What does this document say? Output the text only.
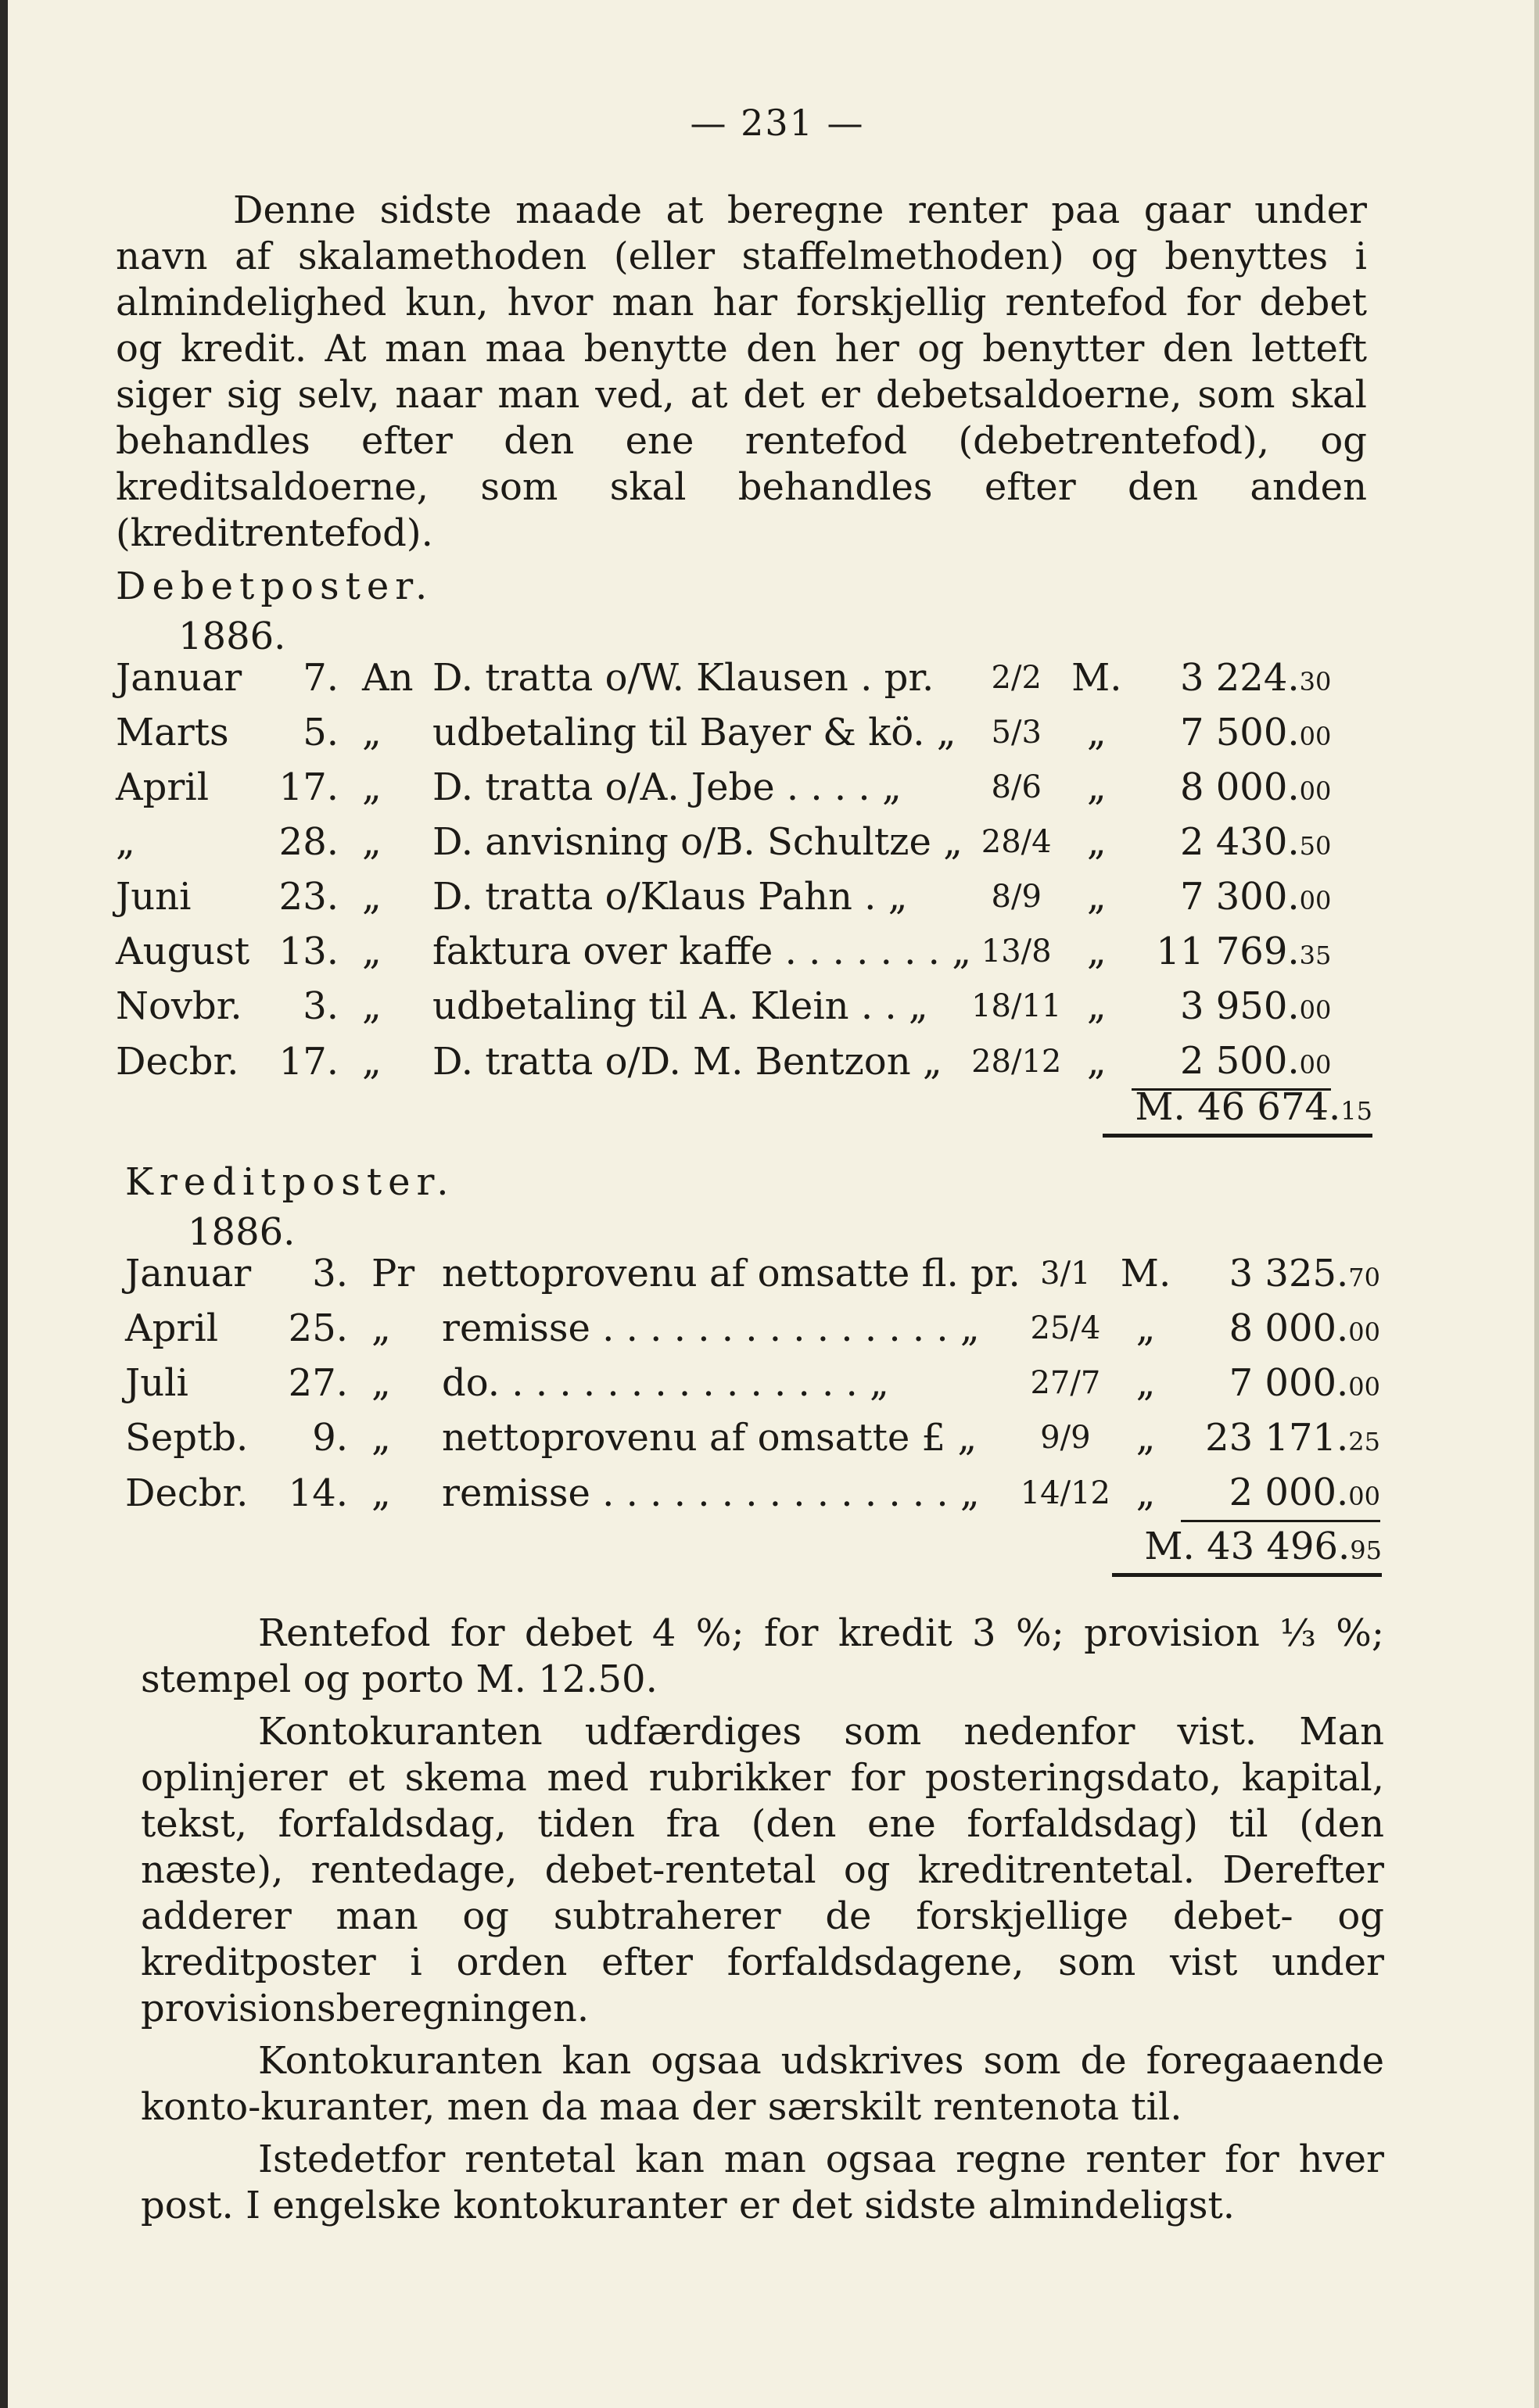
— 231 —

Denne sidste maade at beregne renter paa gaar under navn af skalamethoden (eller staffelmethoden) og benyttes i almindelighed kun, hvor man har forskjellig rentefod for debet og kredit. At man maa benytte den her og benytter den letteft siger sig selv, naar man ved, at det er debetsaldoerne, som skal behandles efter den ene rentefod (debetrentefod), og kreditsaldoerne, som skal behandles efter den anden (kreditrentefod).

Debetposter.
1886.
Januar	7.	An	D. tratta o/W. Klausen . pr.	2/2	M.	3 224.30
Marts	5.	„	udbetaling til Bayer & kö. „	5/3	„	7 500.00
April	17.	„	D. tratta o/A. Jebe . . . . „	8/6	„	8 000.00
„	28.	„	D. anvisning o/B. Schultze „	28/4	„	2 430.50
Juni	23.	„	D. tratta o/Klaus Pahn . „	8/9	„	7 300.00
August	13.	„	faktura over kaffe . . . . . . . „	13/8	„	11 769.35
Novbr.	3.	„	udbetaling til A. Klein . . „	18/11	„	3 950.00
Decbr.	17.	„	D. tratta o/D. M. Bentzon „	28/12	„	2 500.00
M. 46 674.15
Kreditposter.
1886.
Januar	3.	Pr	nettoprovenu af omsatte fl. pr.	3/1	M.	3 325.70
April	25.	„	remisse . . . . . . . . . . . . . . . „	25/4	„	8 000.00
Juli	27.	„	do. . . . . . . . . . . . . . . . „	27/7	„	7 000.00
Septb.	9.	„	nettoprovenu af omsatte £ „	9/9	„	23 171.25
Decbr.	14.	„	remisse . . . . . . . . . . . . . . . „	14/12	„	2 000.00
M. 43 496.95

Rentefod for debet 4 %; for kredit 3 %; provision ⅓ %; stempel og porto M. 12.50.

Kontokuranten udfærdiges som nedenfor vist. Man oplinjerer et skema med rubrikker for posteringsdato, kapital, tekst, forfaldsdag, tiden fra (den ene forfaldsdag) til (den næste), rentedage, debet-rentetal og kreditrentetal. Derefter adderer man og subtraherer de forskjellige debet- og kreditposter i orden efter forfaldsdagene, som vist under provisionsberegningen.

Kontokuranten kan ogsaa udskrives som de foregaaende konto-kuranter, men da maa der særskilt rentenota til.

Istedetfor rentetal kan man ogsaa regne renter for hver post. I engelske kontokuranter er det sidste almindeligst.
